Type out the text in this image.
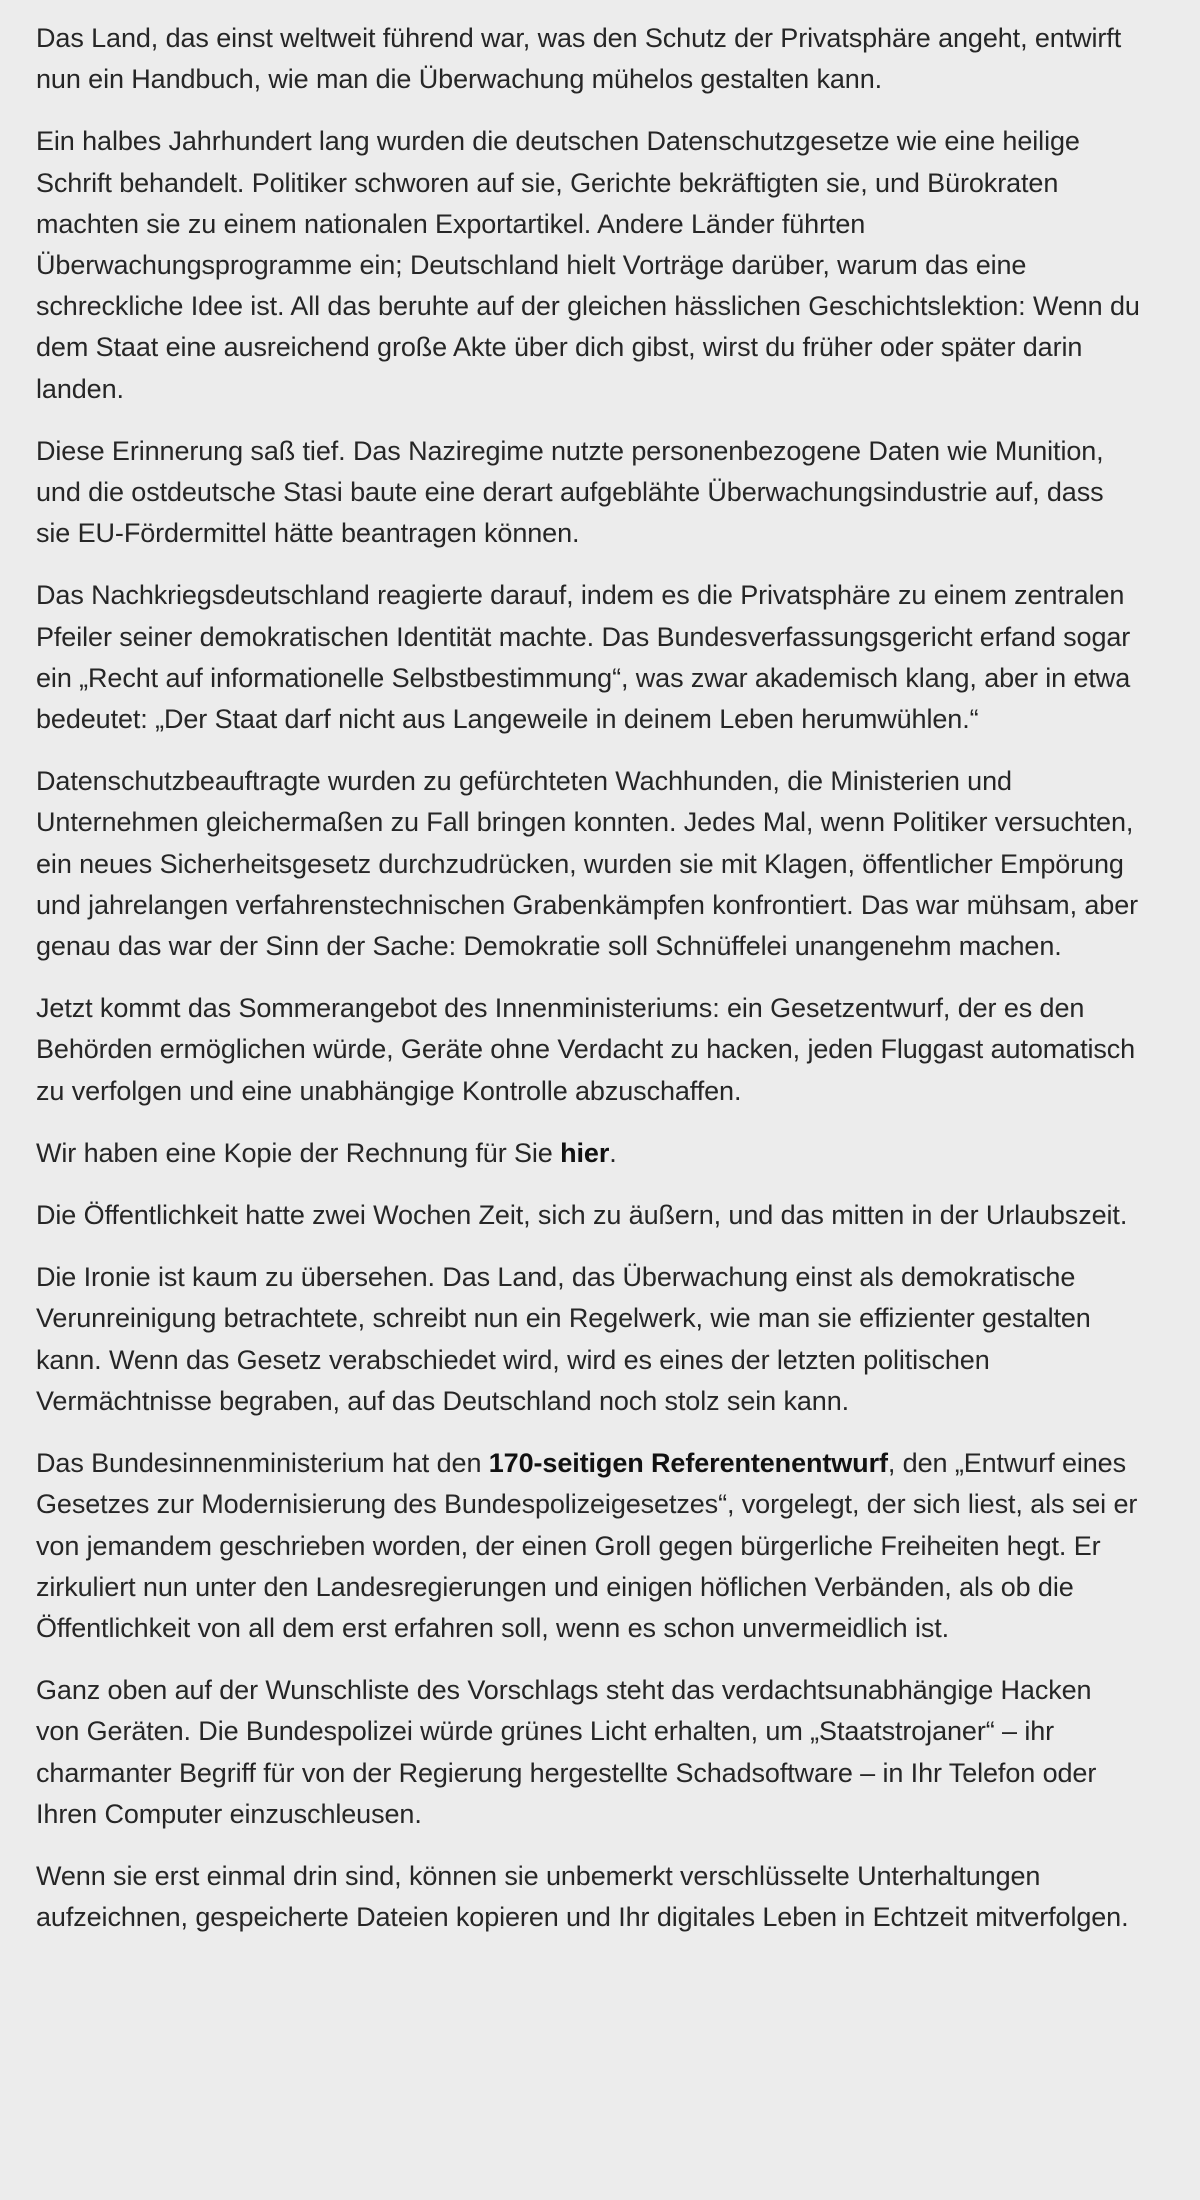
Das Land, das einst weltweit führend war, was den Schutz der Privatsphäre angeht, entwirft nun ein Handbuch, wie man die Überwachung mühelos gestalten kann.

Ein halbes Jahrhundert lang wurden die deutschen Datenschutzgesetze wie eine heilige Schrift behandelt. Politiker schworen auf sie, Gerichte bekräftigten sie, und Bürokraten machten sie zu einem nationalen Exportartikel. Andere Länder führten Überwachungsprogramme ein; Deutschland hielt Vorträge darüber, warum das eine schreckliche Idee ist. All das beruhte auf der gleichen hässlichen Geschichtslektion: Wenn du dem Staat eine ausreichend große Akte über dich gibst, wirst du früher oder später darin landen.

Diese Erinnerung saß tief. Das Naziregime nutzte personenbezogene Daten wie Munition, und die ostdeutsche Stasi baute eine derart aufgeblähte Überwachungsindustrie auf, dass sie EU-Fördermittel hätte beantragen können.

Das Nachkriegsdeutschland reagierte darauf, indem es die Privatsphäre zu einem zentralen Pfeiler seiner demokratischen Identität machte. Das Bundesverfassungsgericht erfand sogar ein „Recht auf informationelle Selbstbestimmung“, was zwar akademisch klang, aber in etwa bedeutet: „Der Staat darf nicht aus Langeweile in deinem Leben herumwühlen.“

Datenschutzbeauftragte wurden zu gefürchteten Wachhunden, die Ministerien und Unternehmen gleichermaßen zu Fall bringen konnten. Jedes Mal, wenn Politiker versuchten, ein neues Sicherheitsgesetz durchzudrücken, wurden sie mit Klagen, öffentlicher Empörung und jahrelangen verfahrenstechnischen Grabenkämpfen konfrontiert. Das war mühsam, aber genau das war der Sinn der Sache: Demokratie soll Schnüffelei unangenehm machen.

Jetzt kommt das Sommerangebot des Innenministeriums: ein Gesetzentwurf, der es den Behörden ermöglichen würde, Geräte ohne Verdacht zu hacken, jeden Fluggast automatisch zu verfolgen und eine unabhängige Kontrolle abzuschaffen.

Wir haben eine Kopie der Rechnung für Sie hier.

Die Öffentlichkeit hatte zwei Wochen Zeit, sich zu äußern, und das mitten in der Urlaubszeit.

Die Ironie ist kaum zu übersehen. Das Land, das Überwachung einst als demokratische Verunreinigung betrachtete, schreibt nun ein Regelwerk, wie man sie effizienter gestalten kann. Wenn das Gesetz verabschiedet wird, wird es eines der letzten politischen Vermächtnisse begraben, auf das Deutschland noch stolz sein kann.

Das Bundesinnenministerium hat den 170-seitigen Referentenentwurf, den „Entwurf eines Gesetzes zur Modernisierung des Bundespolizeigesetzes“, vorgelegt, der sich liest, als sei er von jemandem geschrieben worden, der einen Groll gegen bürgerliche Freiheiten hegt. Er zirkuliert nun unter den Landesregierungen und einigen höflichen Verbänden, als ob die Öffentlichkeit von all dem erst erfahren soll, wenn es schon unvermeidlich ist.

Ganz oben auf der Wunschliste des Vorschlags steht das verdachtsunabhängige Hacken von Geräten. Die Bundespolizei würde grünes Licht erhalten, um „Staatstrojaner“ – ihr charmanter Begriff für von der Regierung hergestellte Schadsoftware – in Ihr Telefon oder Ihren Computer einzuschleusen.

Wenn sie erst einmal drin sind, können sie unbemerkt verschlüsselte Unterhaltungen aufzeichnen, gespeicherte Dateien kopieren und Ihr digitales Leben in Echtzeit mitverfolgen.
